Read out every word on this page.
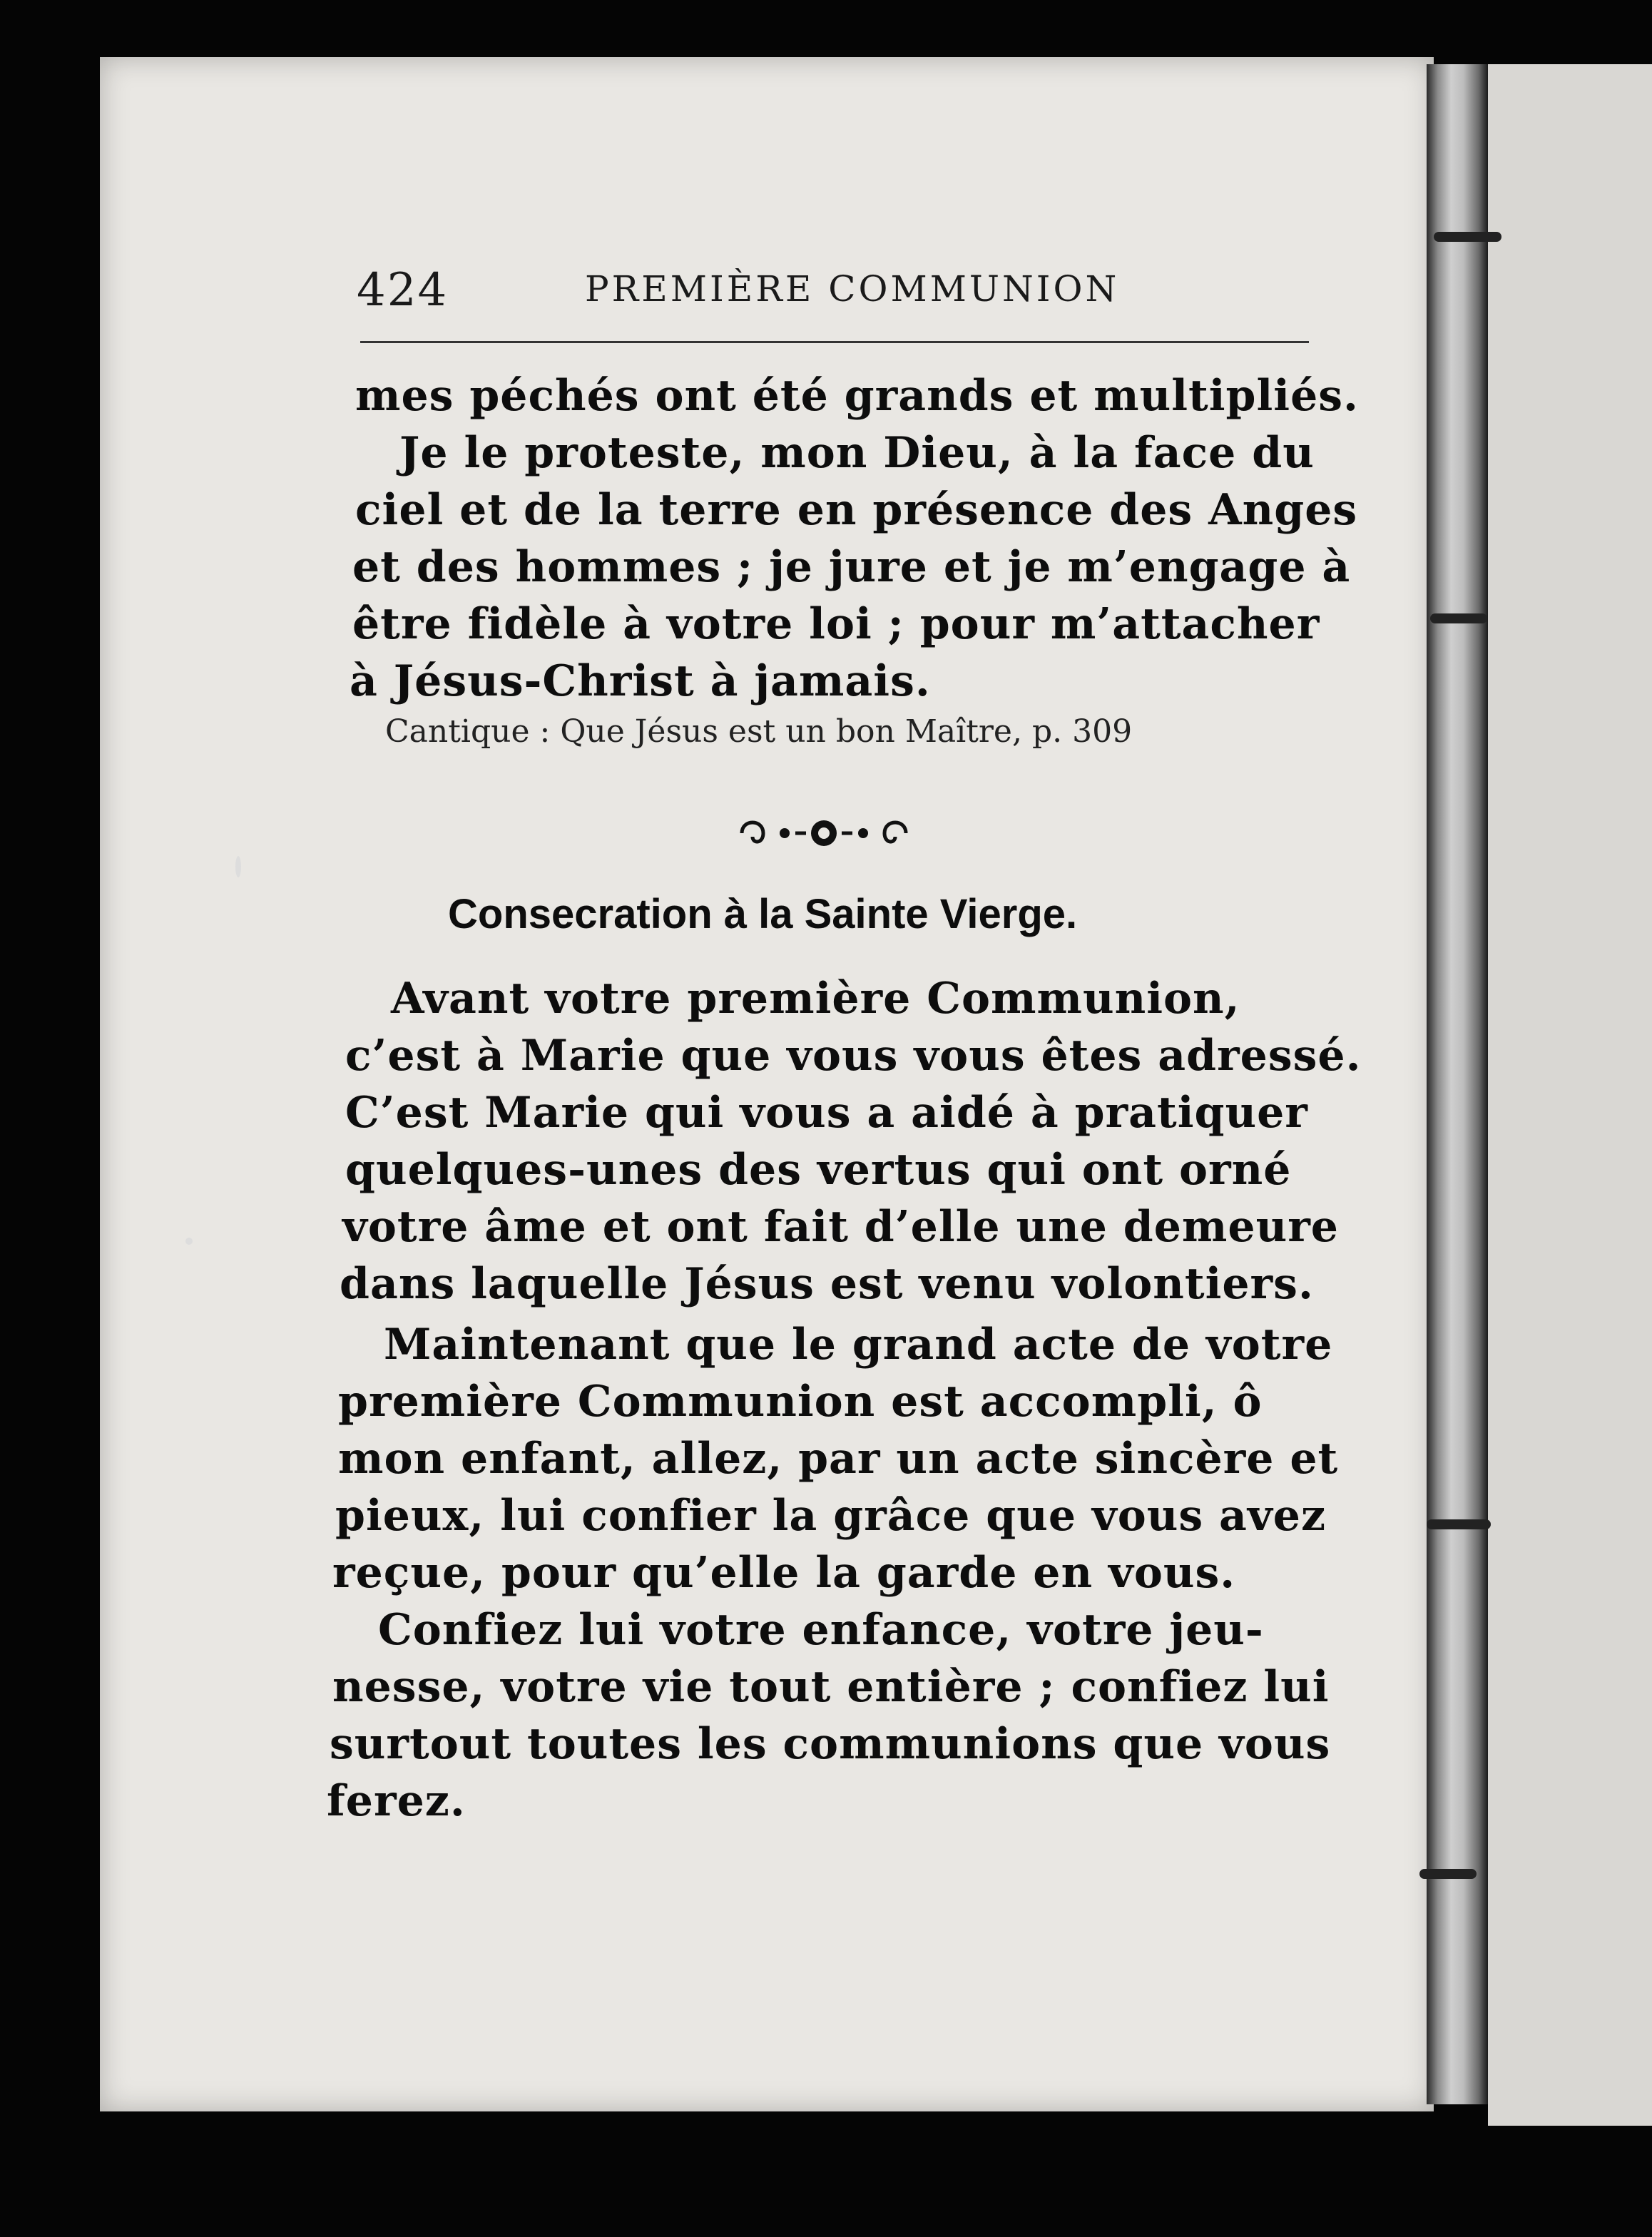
424	PREMIÈRE COMMUNION
mes péchés ont été grands et multipliés.
Je le proteste, mon Dieu, à la face du
ciel et de la terre en présence des Anges
et des hommes ; je jure et je m’engage à
être fidèle à votre loi ; pour m’attacher
à Jésus-Christ à jamais.
Cantique : Que Jésus est un bon Maître, p. 309
Consecration à la Sainte Vierge.
Avant votre première Communion,
c’est à Marie que vous vous êtes adressé.
C’est Marie qui vous a aidé à pratiquer
quelques-unes des vertus qui ont orné
votre âme et ont fait d’elle une demeure
dans laquelle Jésus est venu volontiers.
Maintenant que le grand acte de votre
première Communion est accompli, ô
mon enfant, allez, par un acte sincère et
pieux, lui confier la grâce que vous avez
reçue, pour qu’elle la garde en vous.
Confiez lui votre enfance, votre jeu-
nesse, votre vie tout entière ; confiez lui
surtout toutes les communions que vous
ferez.
